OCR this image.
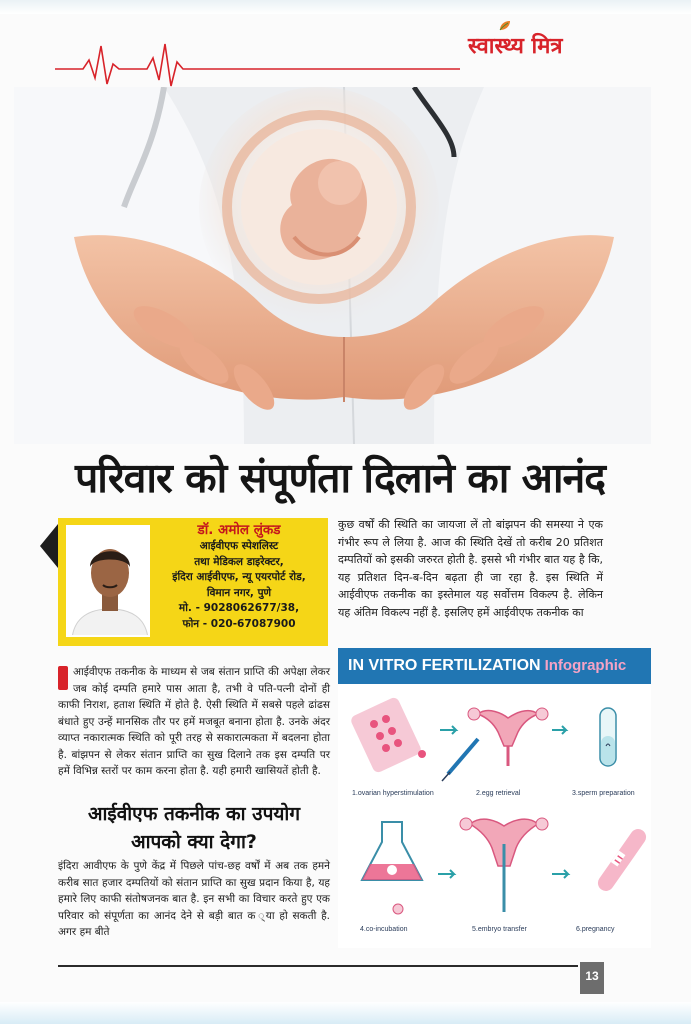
स्वास्थ्य मित्र
परिवार को संपूर्णता दिलाने का आनंद
डॉ. अमोल लुंकड
आईवीएफ स्पेशलिस्ट
तथा मेडिकल डाइरेक्टर,
इंदिरा आईवीएफ, न्यू एयरपोर्ट रोड,
विमान नगर, पुणे
मो. - 9028062677/38,
फोन - 020-67087900
कुछ वर्षों की स्थिति का जायजा लें तो बांझपन की समस्या ने एक गंभीर रूप ले लिया है. आज की स्थिति देखें तो करीब 20 प्रतिशत दम्पतियों को इसकी जरुरत होती है. इससे भी गंभीर बात यह है कि, यह प्रतिशत दिन-ब-दिन बढ़ता ही जा रहा है. इस स्थिति में आईवीएफ तकनीक का इस्तेमाल यह सर्वोत्तम विकल्प है. लेकिन यह अंतिम विकल्प नहीं है. इसलिए हमें आईवीएफ तकनीक का
आईवीएफ तकनीक के माध्यम से जब संतान प्राप्ति की अपेक्षा लेकर जब कोई दम्पति हमारे पास आता है, तभी वे पति-पत्नी दोनों ही काफी निराश, हताश स्थिति में होते है. ऐसी स्थिति में सबसे पहले ढांढस बंधाते हुए उन्हें मानसिक तौर पर हमें मजबूत बनाना होता है. उनके अंदर व्याप्त नकारात्मक स्थिति को पूरी तरह से सकारात्मकता में बदलना होता है. बांझपन से लेकर संतान प्राप्ति का सुख दिलाने तक इस दम्पति पर हमें विभिन्न स्तरों पर काम करना होता है. यही हमारी खासियतें होती है.
आईवीएफ तकनीक का उपयोग
आपको क्या देगा?
इंदिरा आवीएफ के पुणे केंद्र में पिछले पांच-छह वर्षों में अब तक हमने करीब सात हजार दम्पतियों को संतान प्राप्ति का सुख प्रदान किया है, यह हमारे लिए काफी संतोषजनक बात है. इन सभी का विचार करते हुए एक परिवार को संपूर्णता का आनंद देने से बड़ी बात क ्या हो सकती है. अगर हम बीते
IN VITRO FERTILIZATION Infographic
1.ovarian hyperstimulation	2.egg retrieval	3.sperm preparation
4.co-incubation	5.embryo transfer	6.pregnancy
13
